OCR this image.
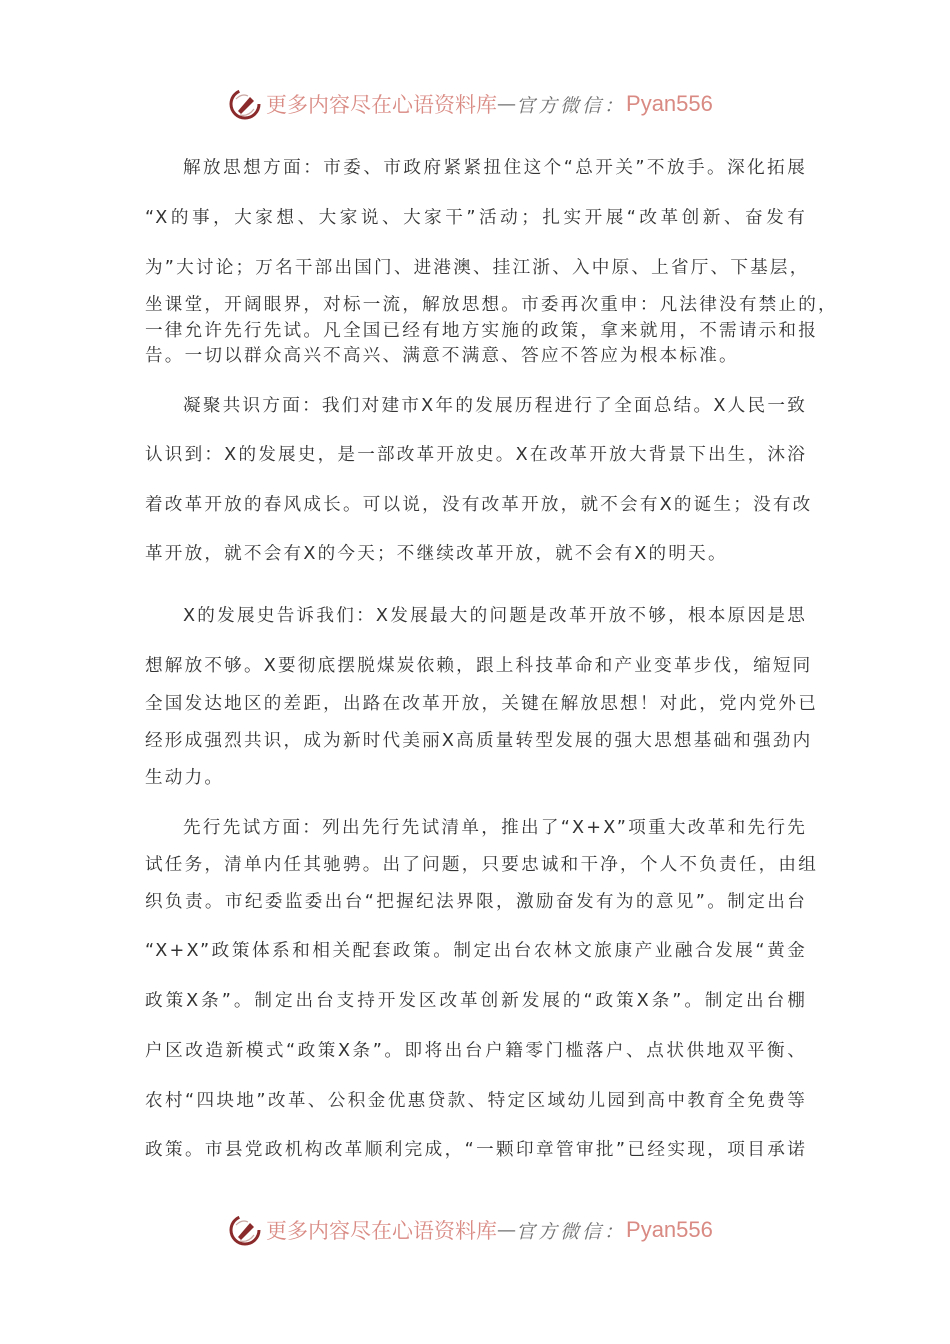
更多内容尽在心语资料库 — 官方微信： Pyan556
解放思想方面：市委、市政府紧紧扭住这个“总开关”不放手。深化拓展
“X的事，大家想、大家说、大家干”活动；扎实开展“改革创新、奋发有
为”大讨论；万名干部出国门、进港澳、挂江浙、入中原、上省厅、下基层，
坐课堂，开阔眼界，对标一流，解放思想。市委再次重申：凡法律没有禁止的，
一律允许先行先试。凡全国已经有地方实施的政策，拿来就用，不需请示和报
告。一切以群众高兴不高兴、满意不满意、答应不答应为根本标准。
凝聚共识方面：我们对建市X年的发展历程进行了全面总结。X人民一致
认识到：X的发展史，是一部改革开放史。X在改革开放大背景下出生，沐浴
着改革开放的春风成长。可以说，没有改革开放，就不会有X的诞生；没有改
革开放，就不会有X的今天；不继续改革开放，就不会有X的明天。
X的发展史告诉我们：X发展最大的问题是改革开放不够，根本原因是思
想解放不够。X要彻底摆脱煤炭依赖，跟上科技革命和产业变革步伐，缩短同
全国发达地区的差距，出路在改革开放，关键在解放思想！对此，党内党外已
经形成强烈共识，成为新时代美丽X高质量转型发展的强大思想基础和强劲内
生动力。
先行先试方面：列出先行先试清单，推出了“X+X”项重大改革和先行先
试任务，清单内任其驰骋。出了问题，只要忠诚和干净，个人不负责任，由组
织负责。市纪委监委出台“把握纪法界限，激励奋发有为的意见”。制定出台
“X+X”政策体系和相关配套政策。制定出台农林文旅康产业融合发展“黄金
政策X条”。制定出台支持开发区改革创新发展的“政策X条”。制定出台棚
户区改造新模式“政策X条”。即将出台户籍零门槛落户、点状供地双平衡、
农村“四块地”改革、公积金优惠贷款、特定区域幼儿园到高中教育全免费等
政策。市县党政机构改革顺利完成，“一颗印章管审批”已经实现，项目承诺
更多内容尽在心语资料库 — 官方微信： Pyan556
